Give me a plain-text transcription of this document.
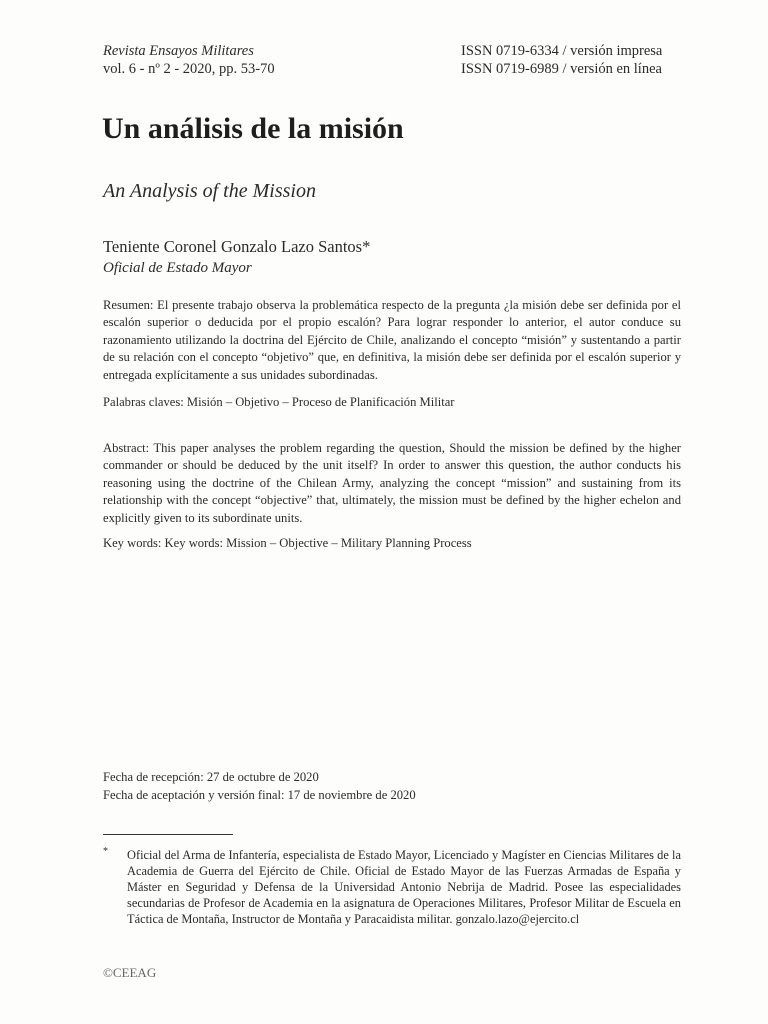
Revista Ensayos Militares
vol. 6 - nº 2 - 2020, pp. 53-70
ISSN 0719-6334 / versión impresa
ISSN 0719-6989 / versión en línea
Un análisis de la misión
An Analysis of the Mission
Teniente Coronel Gonzalo Lazo Santos*
Oficial de Estado Mayor

Resumen: El presente trabajo observa la problemática respecto de la pregunta ¿la misión debe ser definida por el escalón superior o deducida por el propio escalón? Para lograr responder lo anterior, el autor conduce su razonamiento utilizando la doctrina del Ejército de Chile, analizando el concepto “misión” y sustentando a partir de su relación con el concepto “objetivo” que, en definitiva, la misión debe ser definida por el escalón superior y entregada explícitamente a sus unidades subordinadas.

Palabras claves: Misión – Objetivo – Proceso de Planificación Militar

Abstract: This paper analyses the problem regarding the question, Should the mission be defined by the higher commander or should be deduced by the unit itself? In order to answer this question, the author conducts his reasoning using the doctrine of the Chilean Army, analyzing the concept “mission” and sustaining from its relationship with the concept “objective” that, ultimately, the mission must be defined by the higher echelon and explicitly given to its subordinate units.

Key words: Key words: Mission – Objective – Military Planning Process
Fecha de recepción: 27 de octubre de 2020
Fecha de aceptación y versión final: 17 de noviembre de 2020
* Oficial del Arma de Infantería, especialista de Estado Mayor, Licenciado y Magíster en Ciencias Militares de la Academia de Guerra del Ejército de Chile. Oficial de Estado Mayor de las Fuerzas Armadas de España y Máster en Seguridad y Defensa de la Universidad Antonio Nebrija de Madrid. Posee las especialidades secundarias de Profesor de Academia en la asignatura de Operaciones Militares, Profesor Militar de Escuela en Táctica de Montaña, Instructor de Montaña y Paracaidista militar. gonzalo.lazo@ejercito.cl

©CEEAG
